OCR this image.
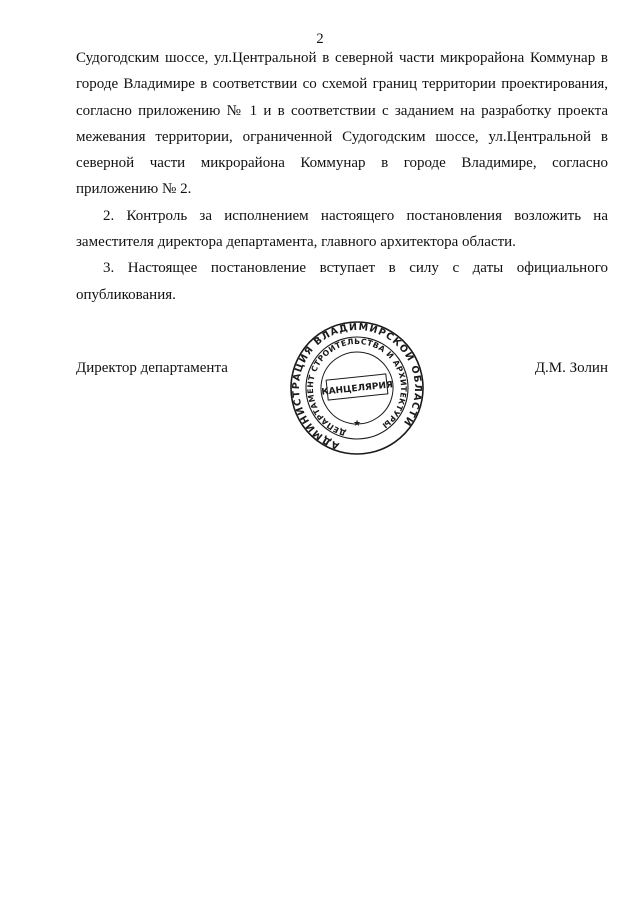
2

Судогодским шоссе, ул.Центральной в северной части микрорайона Коммунар в городе Владимире в соответствии со схемой границ территории проектирования, согласно приложению № 1 и в соответствии с заданием на разработку проекта межевания территории, ограниченной Судогодским шоссе, ул.Центральной в северной части микрорайона Коммунар в городе Владимире, согласно приложению № 2.

2. Контроль за исполнением настоящего постановления возложить на заместителя директора департамента, главного архитектора области.

3. Настоящее постановление вступает в силу с даты официального опубликования.

Директор департамента	Д.М. Золин
АДМИНИСТРАЦИЯ ВЛАДИМИРСКОЙ ОБЛАСТИ
ДЕПАРТАМЕНТ СТРОИТЕЛЬСТВА И АРХИТЕКТУРЫ
КАНЦЕЛЯРИЯ
★
